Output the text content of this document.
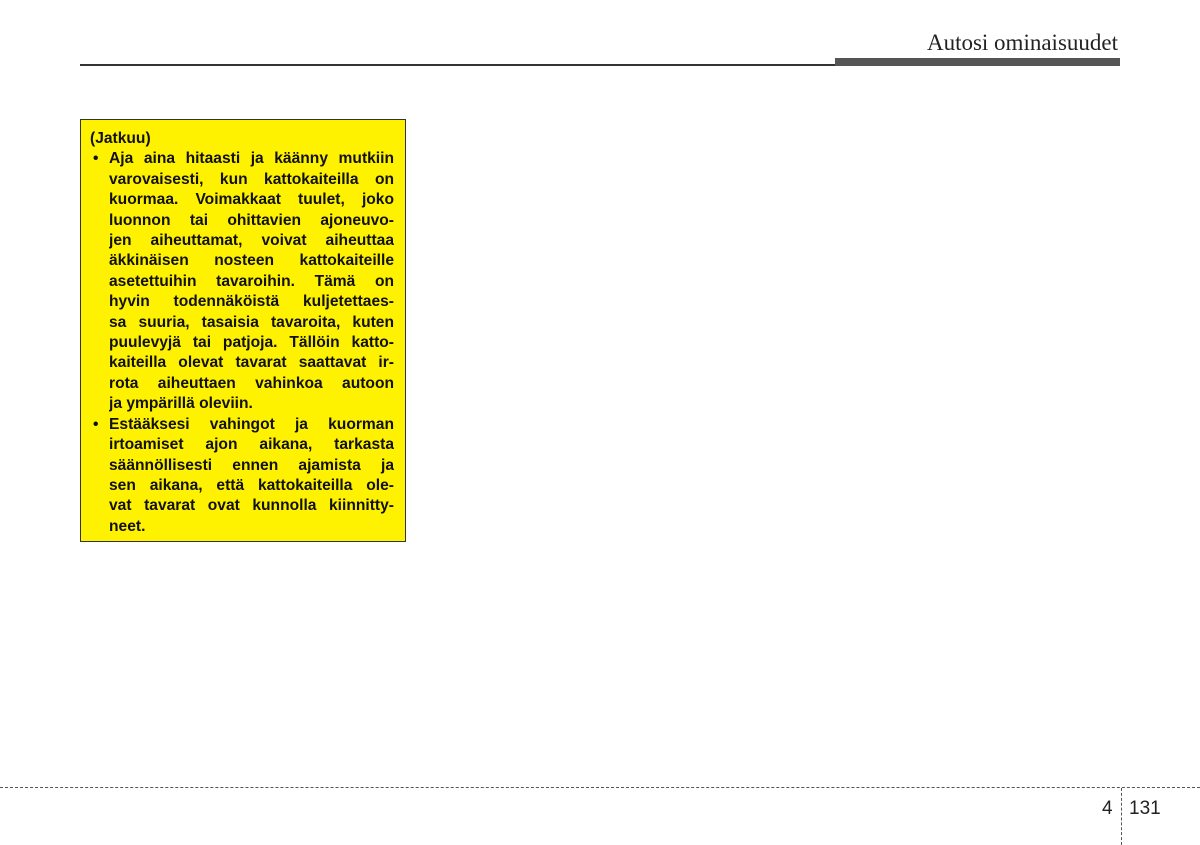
Autosi ominaisuudet
(Jatkuu)
• Aja aina hitaasti ja käänny mutkiin
varovaisesti, kun kattokaiteilla on
kuormaa. Voimakkaat tuulet, joko
luonnon tai ohittavien ajoneuvo-
jen aiheuttamat, voivat aiheuttaa
äkkinäisen nosteen kattokaiteille
asetettuihin tavaroihin. Tämä on
hyvin todennäköistä kuljetettaes-
sa suuria, tasaisia tavaroita, kuten
puulevyjä tai patjoja. Tällöin katto-
kaiteilla olevat tavarat saattavat ir-
rota aiheuttaen vahinkoa autoon
ja ympärillä oleviin.
• Estääksesi vahingot ja kuorman
irtoamiset ajon aikana, tarkasta
säännöllisesti ennen ajamista ja
sen aikana, että kattokaiteilla ole-
vat tavarat ovat kunnolla kiinnitty-
neet.
4 131
